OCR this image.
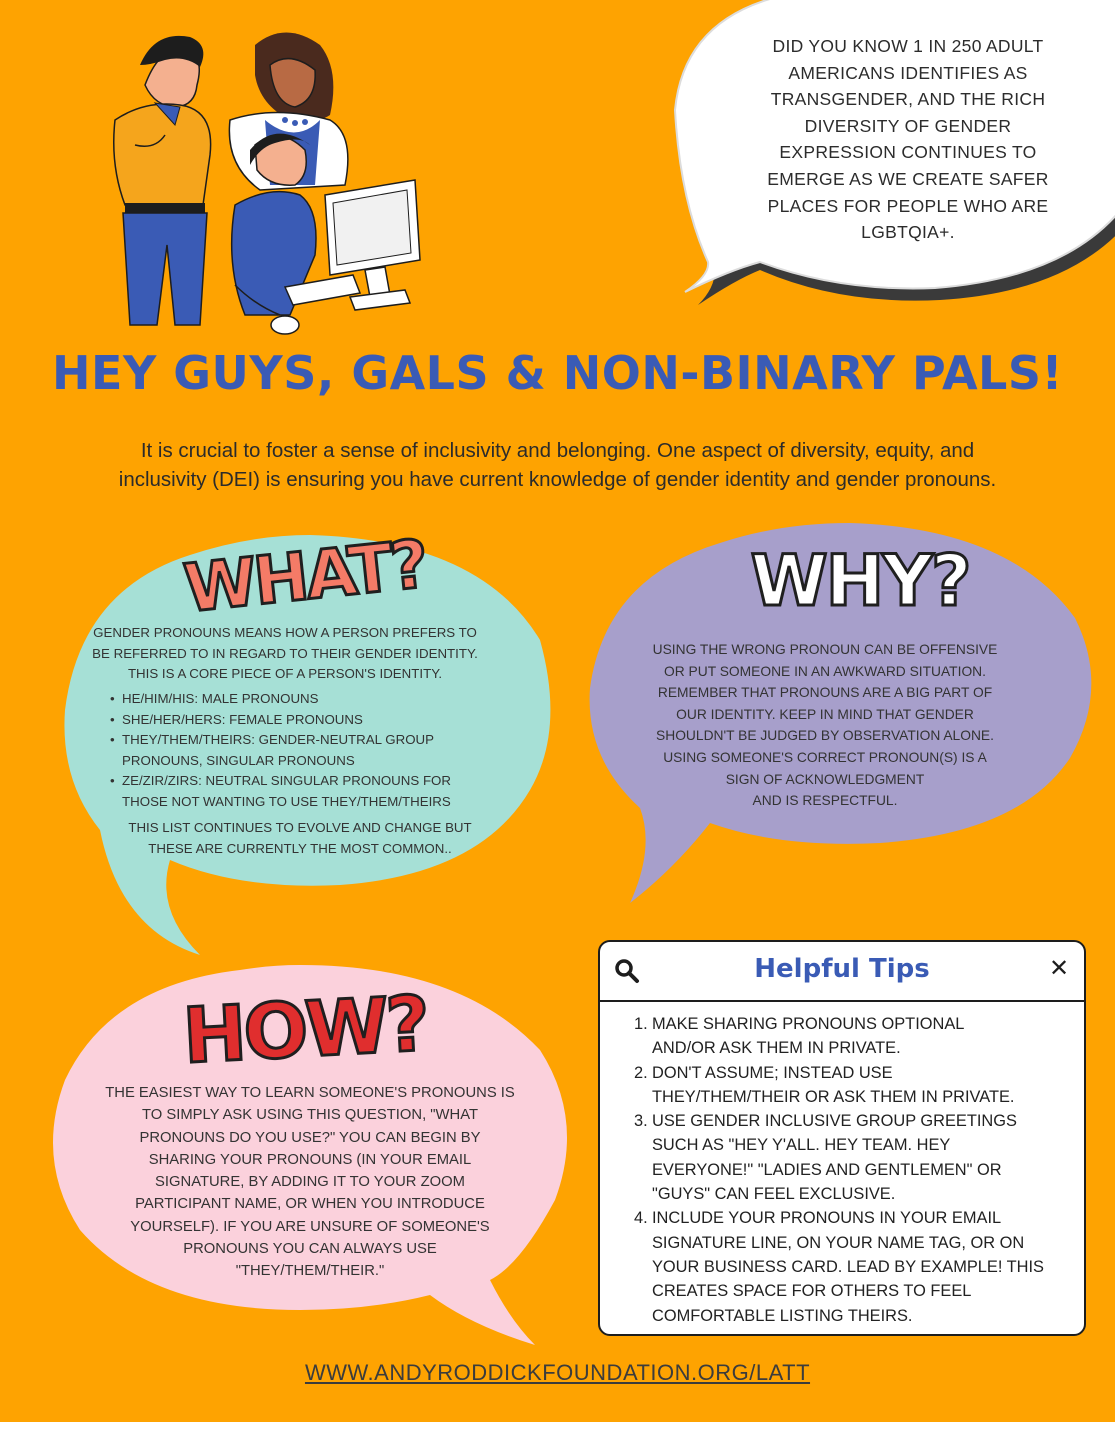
DID YOU KNOW 1 IN 250 ADULT
AMERICANS IDENTIFIES AS
TRANSGENDER, AND THE RICH
DIVERSITY OF GENDER
EXPRESSION CONTINUES TO
EMERGE AS WE CREATE SAFER
PLACES FOR PEOPLE WHO ARE
LGBTQIA+.
HEY GUYS, GALS & NON-BINARY PALS!
It is crucial to foster a sense of inclusivity and belonging. One aspect of diversity, equity, and
inclusivity (DEI) is ensuring you have current knowledge of gender identity and gender pronouns.
WHAT?
GENDER PRONOUNS MEANS HOW A PERSON PREFERS TO
BE REFERRED TO IN REGARD TO THEIR GENDER IDENTITY.
THIS IS A CORE PIECE OF A PERSON'S IDENTITY.
• HE/HIM/HIS: MALE PRONOUNS
• SHE/HER/HERS: FEMALE PRONOUNS
• THEY/THEM/THEIRS: GENDER-NEUTRAL GROUP
PRONOUNS, SINGULAR PRONOUNS
• ZE/ZIR/ZIRS: NEUTRAL SINGULAR PRONOUNS FOR
THOSE NOT WANTING TO USE THEY/THEM/THEIRS
THIS LIST CONTINUES TO EVOLVE AND CHANGE BUT
THESE ARE CURRENTLY THE MOST COMMON..
WHY?
USING THE WRONG PRONOUN CAN BE OFFENSIVE
OR PUT SOMEONE IN AN AWKWARD SITUATION.
REMEMBER THAT PRONOUNS ARE A BIG PART OF
OUR IDENTITY. KEEP IN MIND THAT GENDER
SHOULDN'T BE JUDGED BY OBSERVATION ALONE.
USING SOMEONE'S CORRECT PRONOUN(S) IS A
SIGN OF ACKNOWLEDGMENT
AND IS RESPECTFUL.
HOW?
THE EASIEST WAY TO LEARN SOMEONE'S PRONOUNS IS
TO SIMPLY ASK USING THIS QUESTION, "WHAT
PRONOUNS DO YOU USE?" YOU CAN BEGIN BY
SHARING YOUR PRONOUNS (IN YOUR EMAIL
SIGNATURE, BY ADDING IT TO YOUR ZOOM
PARTICIPANT NAME, OR WHEN YOU INTRODUCE
YOURSELF). IF YOU ARE UNSURE OF SOMEONE'S
PRONOUNS YOU CAN ALWAYS USE
"THEY/THEM/THEIR."
Helpful Tips	✕
1. MAKE SHARING PRONOUNS OPTIONAL
AND/OR ASK THEM IN PRIVATE.
2. DON'T ASSUME; INSTEAD USE
THEY/THEM/THEIR OR ASK THEM IN PRIVATE.
3. USE GENDER INCLUSIVE GROUP GREETINGS
SUCH AS "HEY Y'ALL. HEY TEAM. HEY
EVERYONE!" "LADIES AND GENTLEMEN" OR
"GUYS" CAN FEEL EXCLUSIVE.
4. INCLUDE YOUR PRONOUNS IN YOUR EMAIL
SIGNATURE LINE, ON YOUR NAME TAG, OR ON
YOUR BUSINESS CARD. LEAD BY EXAMPLE! THIS
CREATES SPACE FOR OTHERS TO FEEL
COMFORTABLE LISTING THEIRS.
WWW.ANDYRODDICKFOUNDATION.ORG/LATT
